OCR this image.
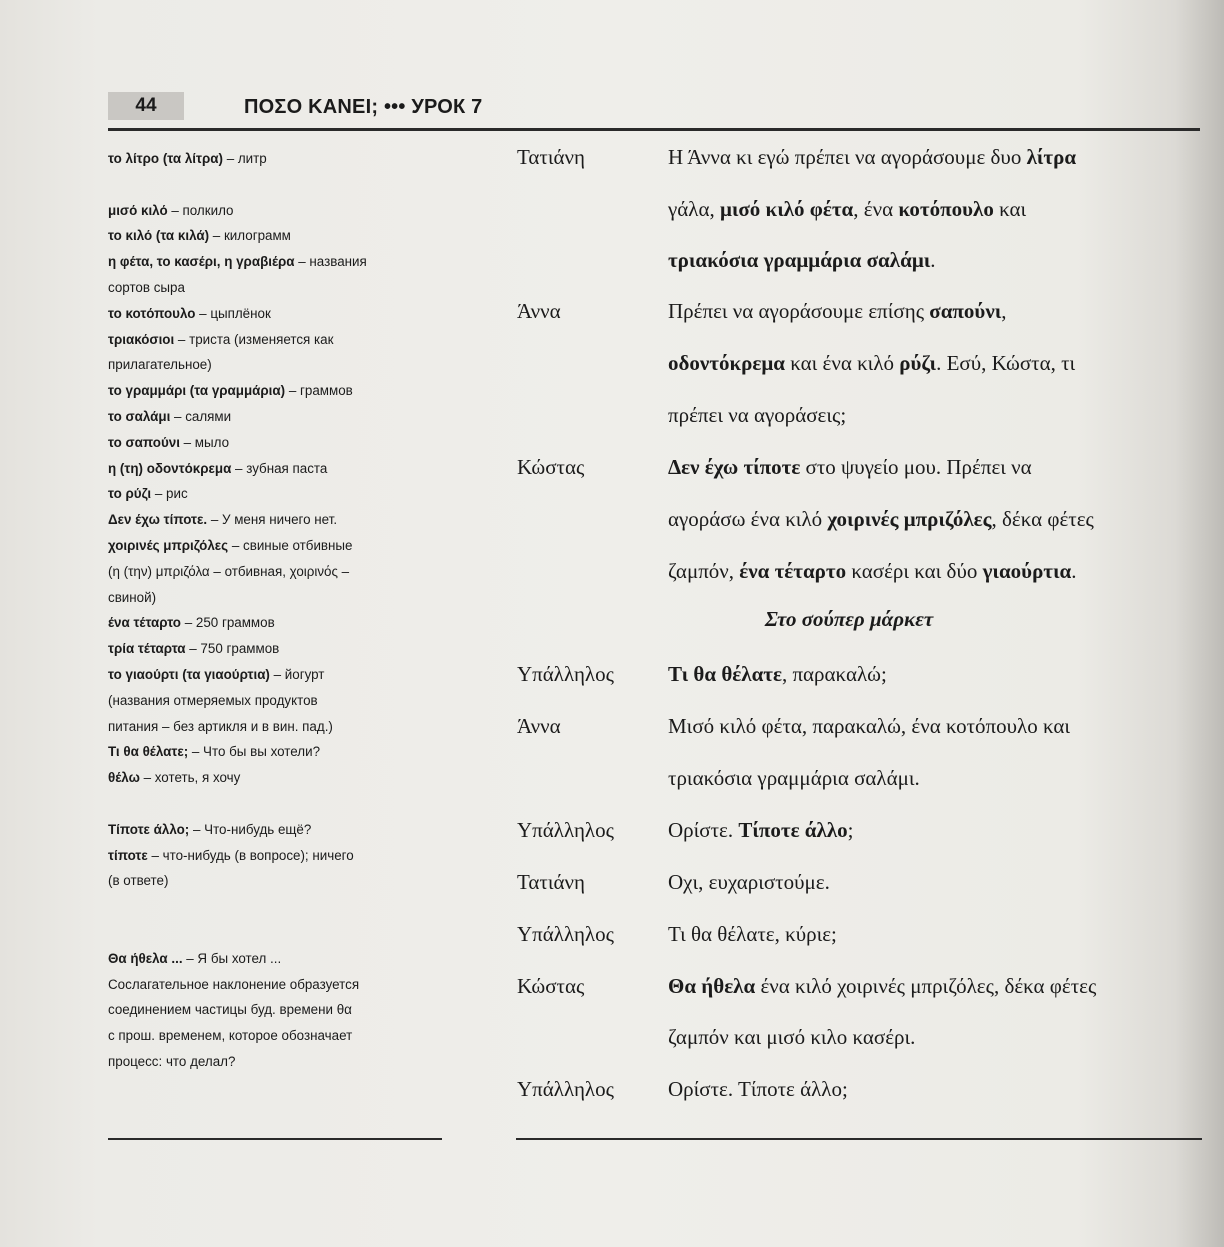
44	ΠΟΣΟ ΚΑΝΕΙ; ••• УРОК 7
το λίτρο (τα λίτρα) – литр
μισό κιλό – полкило
το κιλό (τα κιλά) – килограмм
η φέτα, το κασέρι, η γραβιέρα – названия
сортов сыра
το κοτόπουλο – цыплёнок
τριακόσιοι – триста (изменяется как
прилагательное)
το γραμμάρι (τα γραμμάρια) – граммов
το σαλάμι – салями
το σαπούνι – мыло
η (τη) οδοντόκρεμα – зубная паста
το ρύζι – рис
Δεν έχω τίποτε. – У меня ничего нет.
χοιρινές μπριζόλες – свиные отбивные
(η (την) μπριζόλα – отбивная, χοιρινός –
свиной)
ένα τέταρτο – 250 граммов
τρία τέταρτα – 750 граммов
το γιαούρτι (τα γιαούρτια) – йогурт
(названия отмеряемых продуктов
питания – без артикля и в вин. пад.)
Τι θα θέλατε; – Что бы вы хотели?
θέλω – хотеть, я хочу
Τίποτε άλλο; – Что-нибудь ещё?
τίποτε – что-нибудь (в вопросе); ничего
(в ответе)
Θα ήθελα ... – Я бы хотел ...
Сослагательное наклонение образуется
соединением частицы буд. времени θα
с прош. временем, которое обозначает
процесс: что делал?
Τατιάνη
Άννα
Κώστας
Υπάλληλος
Άννα
Υπάλληλος
Τατιάνη
Υπάλληλος
Κώστας
Υπάλληλος
Η Άννα κι εγώ πρέπει να αγοράσουμε δυο λίτρα
γάλα, μισό κιλό φέτα, ένα κοτόπουλο και
τριακόσια γραμμάρια σαλάμι.
Πρέπει να αγοράσουμε επίσης σαπούνι,
οδοντόκρεμα και ένα κιλό ρύζι. Εσύ, Κώστα, τι
πρέπει να αγοράσεις;
Δεν έχω τίποτε στο ψυγείο μου. Πρέπει να
αγοράσω ένα κιλό χοιρινές μπριζόλες, δέκα φέτες
ζαμπόν, ένα τέταρτο κασέρι και δύο γιαούρτια.
Στο σούπερ μάρκετ
Τι θα θέλατε, παρακαλώ;
Μισό κιλό φέτα, παρακαλώ, ένα κοτόπουλο και
τριακόσια γραμμάρια σαλάμι.
Ορίστε. Τίποτε άλλο;
Οχι, ευχαριστούμε.
Τι θα θέλατε, κύριε;
Θα ήθελα ένα κιλό χοιρινές μπριζόλες, δέκα φέτες
ζαμπόν και μισό κιλο κασέρι.
Ορίστε. Τίποτε άλλο;
